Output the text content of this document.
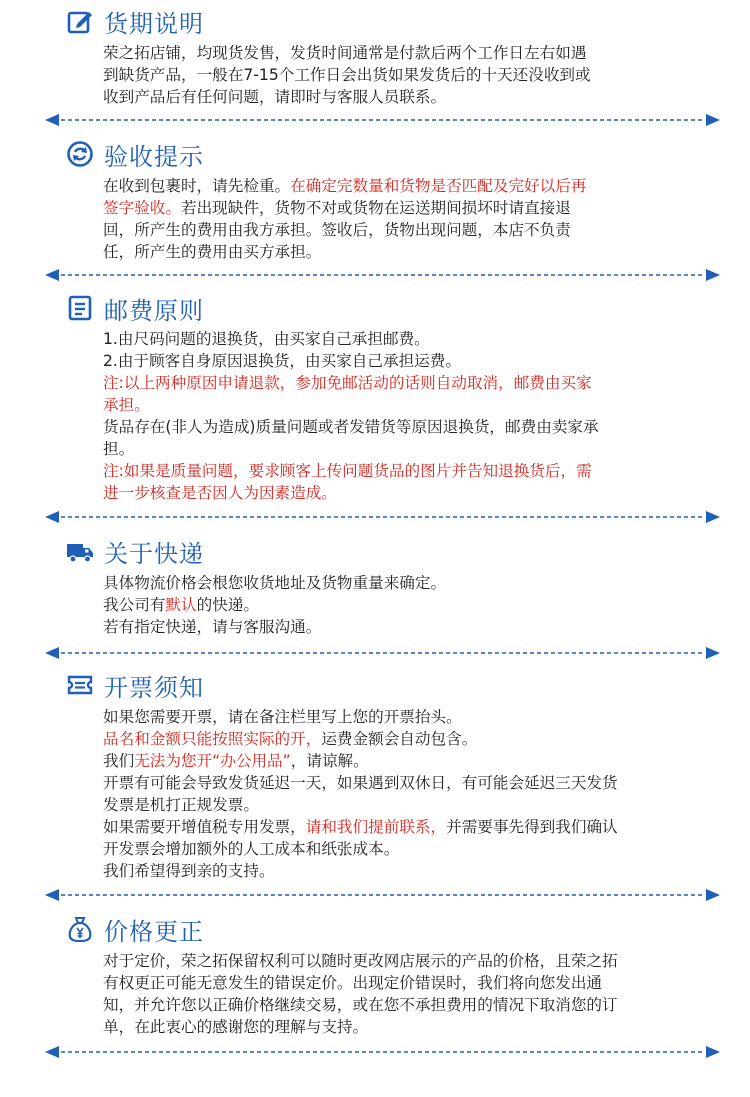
货期说明

荣之拓店铺，均现货发售，发货时间通常是付款后两个工作日左右如遇

到缺货产品，一般在7-15个工作日会出货如果发货后的十天还没收到或

收到产品后有任何问题，请即时与客服人员联系。

验收提示

在收到包裹时，请先检重。在确定完数量和货物是否匹配及完好以后再

签字验收。若出现缺件，货物不对或货物在运送期间损坏时请直接退

回，所产生的费用由我方承担。签收后，货物出现问题，本店不负责

任，所产生的费用由买方承担。

邮费原则

1.由尺码问题的退换货，由买家自己承担邮费。

2.由于顾客自身原因退换货，由买家自己承担运费。

注:以上两种原因申请退款，参加免邮活动的话则自动取消，邮费由买家

承担。

货品存在(非人为造成)质量问题或者发错货等原因退换货，邮费由卖家承

担。

注:如果是质量问题，要求顾客上传问题货品的图片并告知退换货后，需

进一步核查是否因人为因素造成。

关于快递

具体物流价格会根您收货地址及货物重量来确定。

我公司有默认的快递。

若有指定快递，请与客服沟通。

开票须知

如果您需要开票，请在备注栏里写上您的开票抬头。

品名和金额只能按照实际的开，运费金额会自动包含。

我们无法为您开“办公用品”，请谅解。

开票有可能会导致发货延迟一天，如果遇到双休日，有可能会延迟三天发货

发票是机打正规发票。

如果需要开增值税专用发票，请和我们提前联系，并需要事先得到我们确认

开发票会增加额外的人工成本和纸张成本。

我们希望得到亲的支持。

价格更正

对于定价，荣之拓保留权利可以随时更改网店展示的产品的价格，且荣之拓

有权更正可能无意发生的错误定价。出现定价错误时，我们将向您发出通

知，并允许您以正确价格继续交易，或在您不承担费用的情况下取消您的订

单，在此衷心的感谢您的理解与支持。
